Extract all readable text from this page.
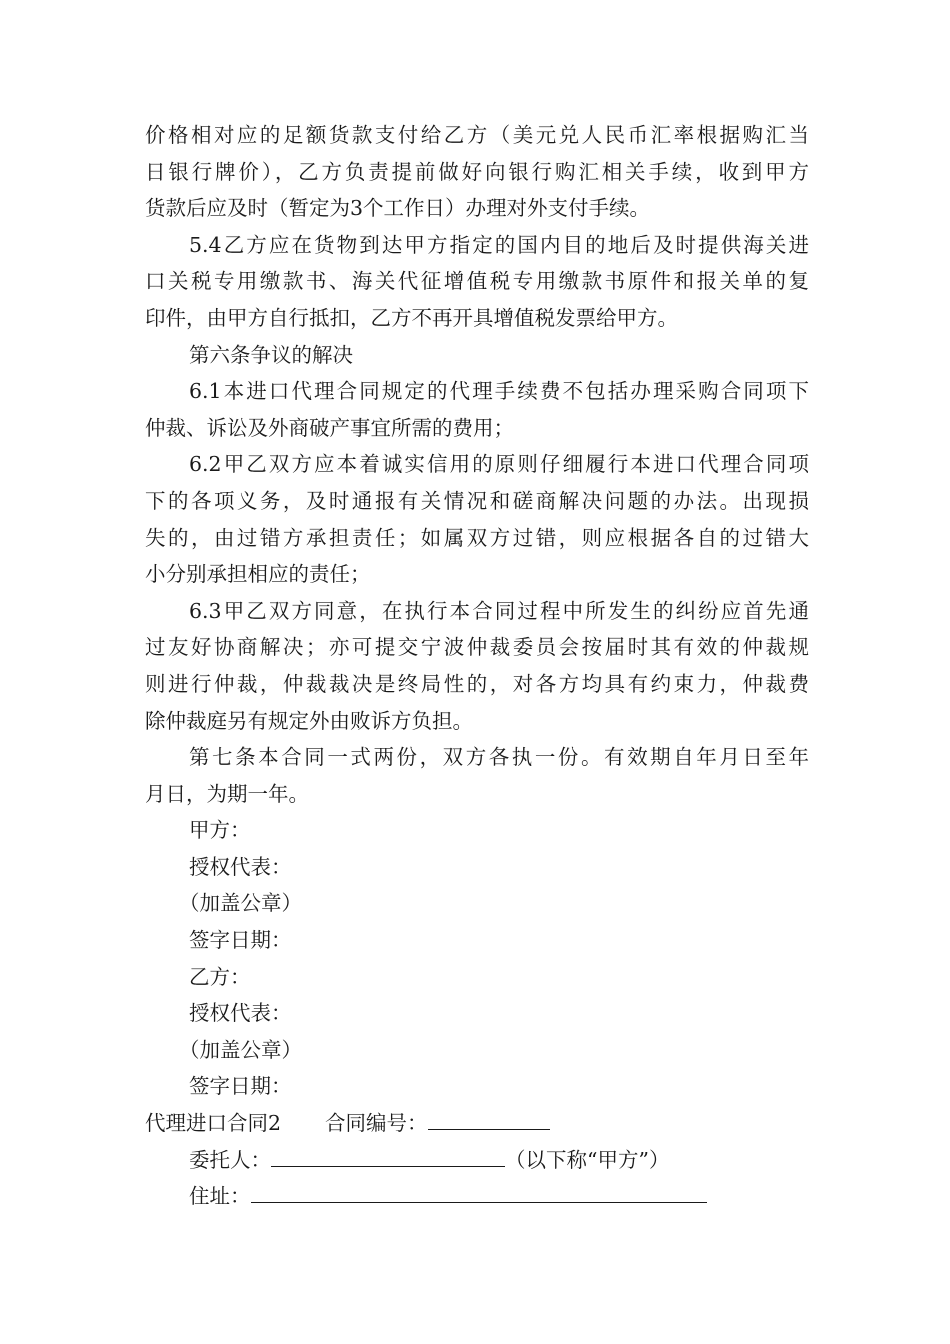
价格相对应的足额货款支付给乙方（美元兑人民币汇率根据购汇当
日银行牌价），乙方负责提前做好向银行购汇相关手续，收到甲方
货款后应及时（暂定为3个工作日）办理对外支付手续。
5.4乙方应在货物到达甲方指定的国内目的地后及时提供海关进
口关税专用缴款书、海关代征增值税专用缴款书原件和报关单的复
印件，由甲方自行抵扣，乙方不再开具增值税发票给甲方。
第六条争议的解决
6.1本进口代理合同规定的代理手续费不包括办理采购合同项下
仲裁、诉讼及外商破产事宜所需的费用；
6.2甲乙双方应本着诚实信用的原则仔细履行本进口代理合同项
下的各项义务，及时通报有关情况和磋商解决问题的办法。出现损
失的，由过错方承担责任；如属双方过错，则应根据各自的过错大
小分别承担相应的责任；
6.3甲乙双方同意，在执行本合同过程中所发生的纠纷应首先通
过友好协商解决；亦可提交宁波仲裁委员会按届时其有效的仲裁规
则进行仲裁，仲裁裁决是终局性的，对各方均具有约束力，仲裁费
除仲裁庭另有规定外由败诉方负担。
第七条本合同一式两份，双方各执一份。有效期自年月日至年
月日，为期一年。
甲方：
授权代表：
（加盖公章）
签字日期：
乙方：
授权代表：
（加盖公章）
签字日期：
代理进口合同2 合同编号：
委托人：	（以下称“甲方”）
住址：
